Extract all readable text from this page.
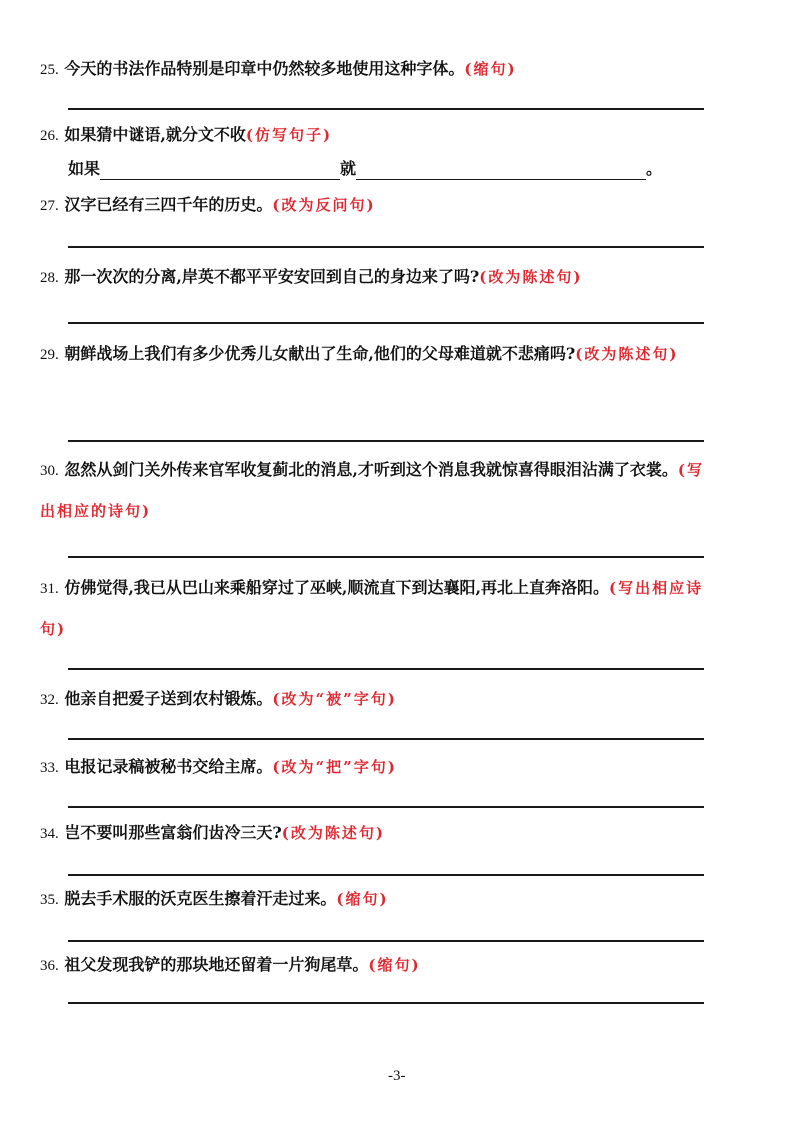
25. 今天的书法作品特别是印章中仍然较多地使用这种字体。(缩句)
26. 如果猜中谜语,就分文不收(仿写句子)
如果	就	。
27. 汉字已经有三四千年的历史。(改为反问句)
28. 那一次次的分离,岸英不都平平安安回到自己的身边来了吗?(改为陈述句)
29. 朝鲜战场上我们有多少优秀儿女献出了生命,他们的父母难道就不悲痛吗?(改为陈述句)
30. 忽然从剑门关外传来官军收复蓟北的消息,才听到这个消息我就惊喜得眼泪沾满了衣裳。(写出相应的诗句)
31. 仿佛觉得,我已从巴山来乘船穿过了巫峡,顺流直下到达襄阳,再北上直奔洛阳。(写出相应诗句)
32. 他亲自把爱子送到农村锻炼。(改为“被”字句)
33. 电报记录稿被秘书交给主席。(改为“把”字句)
34. 岂不要叫那些富翁们齿冷三天?(改为陈述句)
35. 脱去手术服的沃克医生擦着汗走过来。(缩句)
36. 祖父发现我铲的那块地还留着一片狗尾草。(缩句)
-3-
